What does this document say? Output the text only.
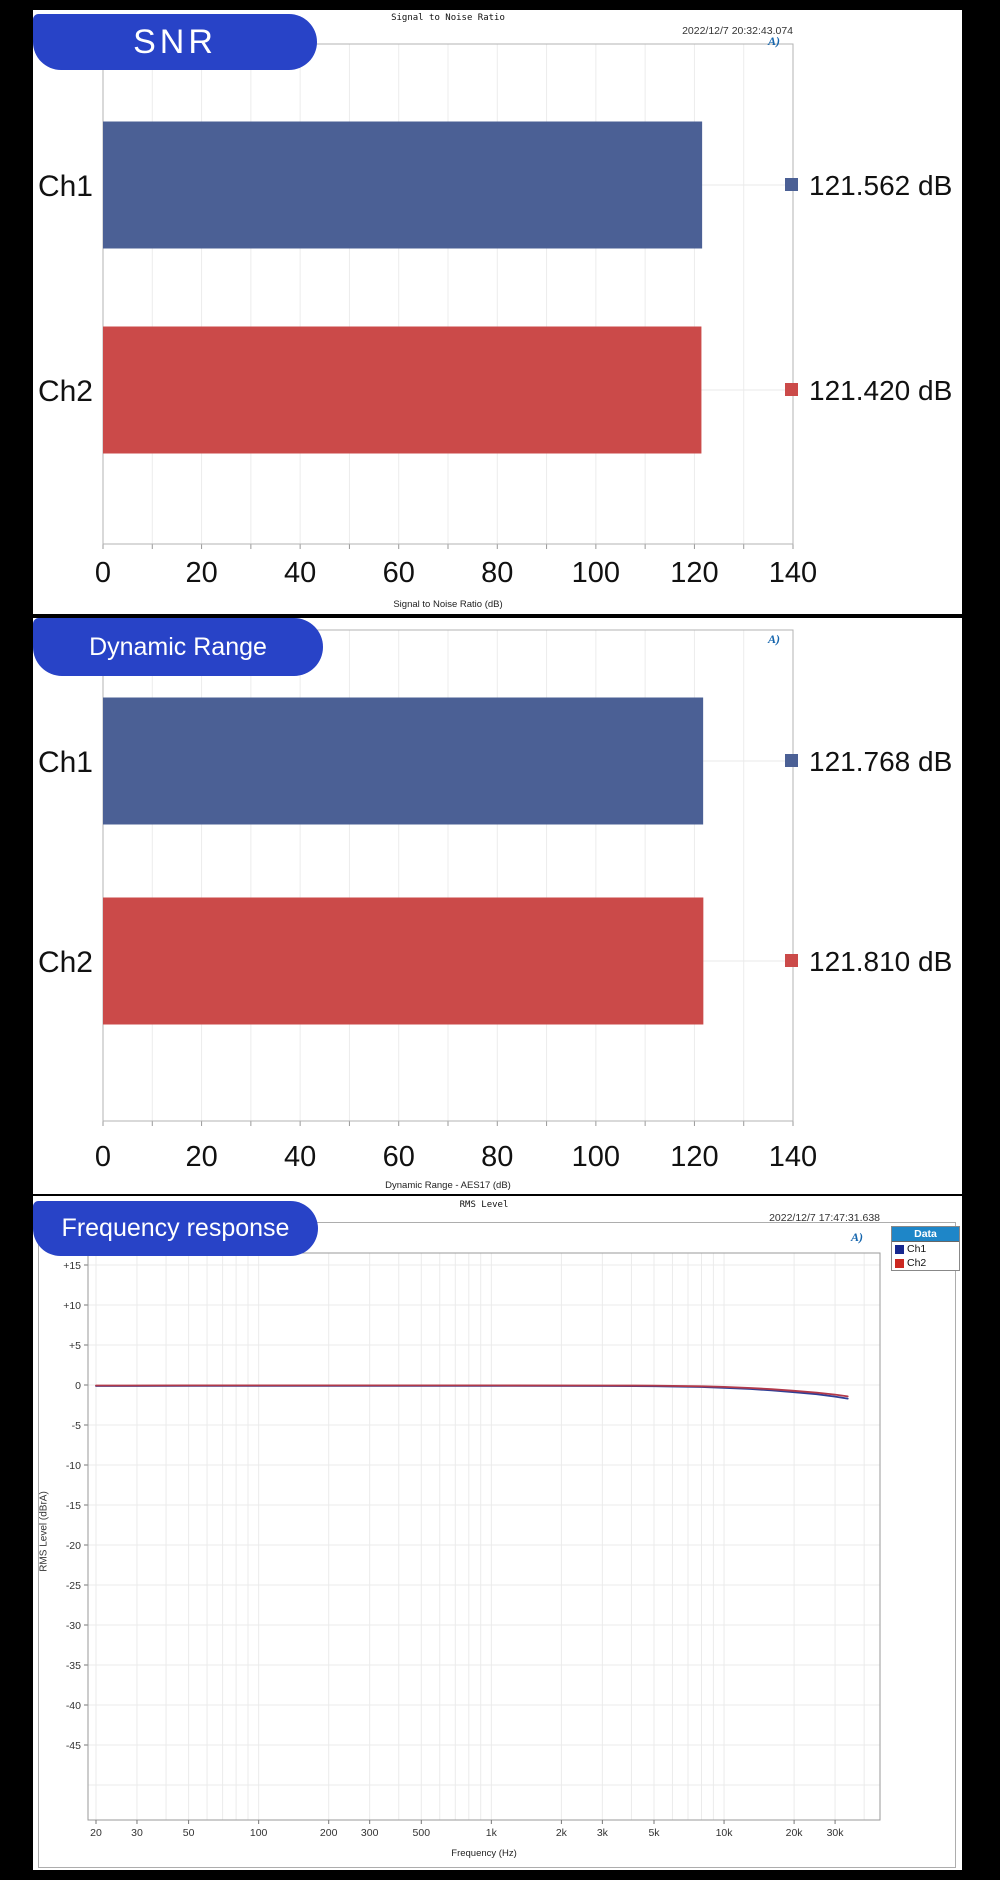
SNR
Signal to Noise Ratio
2022/12/7 20:32:43.074
A)
Ch1	121.562 dB
Ch2	121.420 dB
0	20 40 60 80 100 120 140
Signal to Noise Ratio (dB)
Dynamic Range	A)
Ch1	121.768 dB
Ch2	121.810 dB
0	20 40 60 80 100 120 140
Dynamic Range - AES17 (dB)
Frequency response
RMS Level
2022/12/7 17:47:31.638
A)	Data
Ch1
Ch2
+15
+10
+5
0
-5
-10
-15
-20
-25
-30
-35
-40
-45
20	30	50	100	200 300	500	1k	2k	3k	5k	10k	20k 30k
RMS Level (dBrA)
Frequency (Hz)
